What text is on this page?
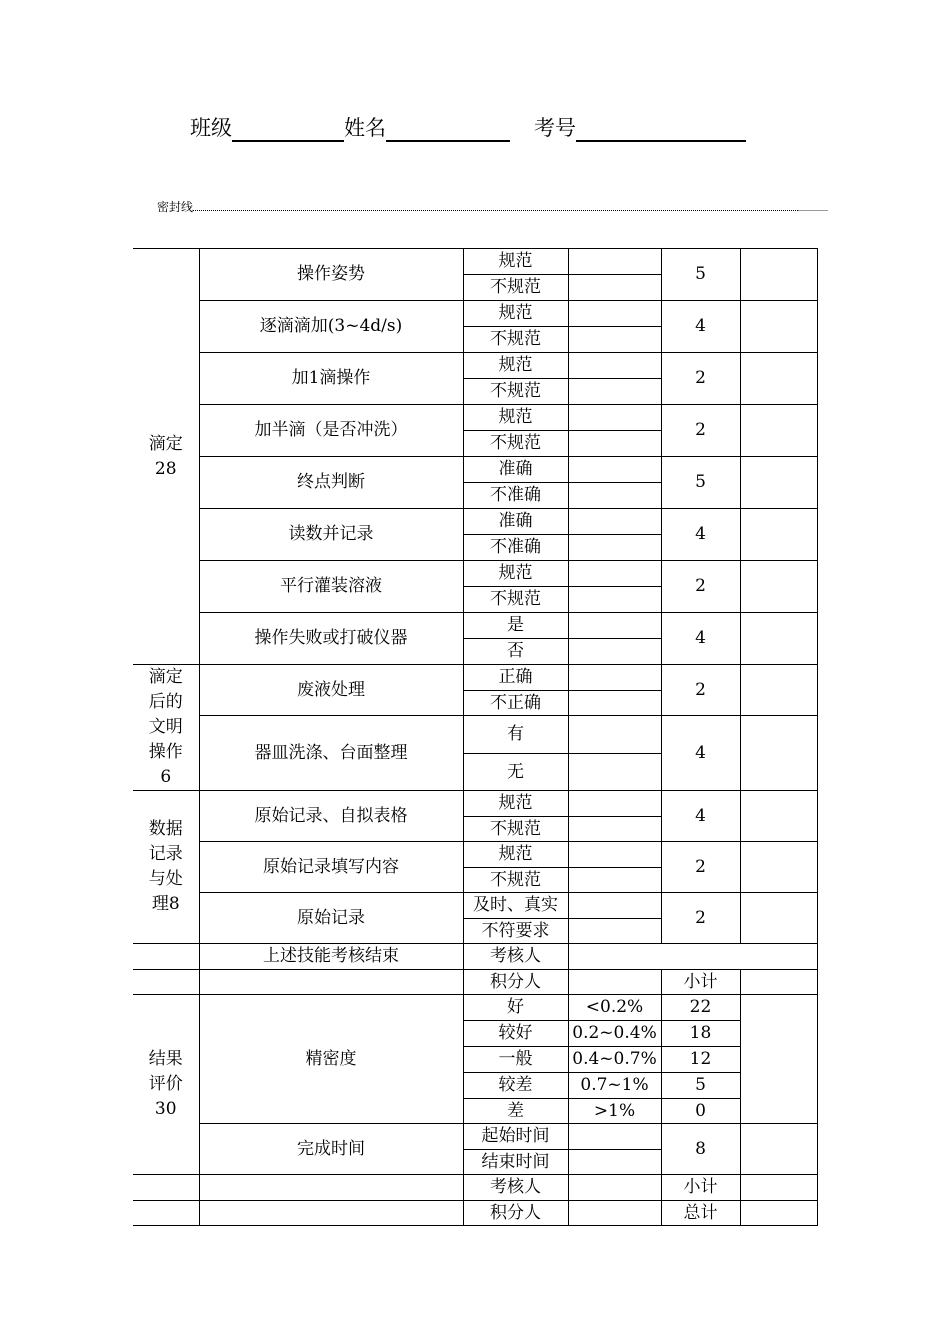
班级	姓名	考号
密封线
滴定28	操作姿势	规范		5	
		不规范			
	逐滴滴加(3~4d/s)	规范		4	
		不规范			
	加1滴操作	规范		2	
		不规范			
	加半滴（是否冲洗）	规范		2	
		不规范			
	终点判断	准确		5	
		不准确			
	读数并记录	准确		4	
		不准确			
	平行灌装溶液	规范		2	
		不规范			
	操作失败或打破仪器	是		4	
		否			
滴定后的文明操作6	废液处理	正确		2	
		不正确			
	器皿洗涤、台面整理	有		4	
		无			
数据记录与处理8	原始记录、自拟表格	规范		4	
		不规范			
	原始记录填写内容	规范		2	
		不规范			
	原始记录	及时、真实		2	
		不符要求			
	上述技能考核结束	考核人			
		积分人		小计	
结果评价30	精密度	好	<0.2%	22	
		较好	0.2~0.4%	18	
		一般	0.4~0.7%	12	
		较差	0.7~1%	5	
		差	>1%	0	
	完成时间	起始时间		8	
		结束时间			
		考核人		小计	
		积分人		总计	
